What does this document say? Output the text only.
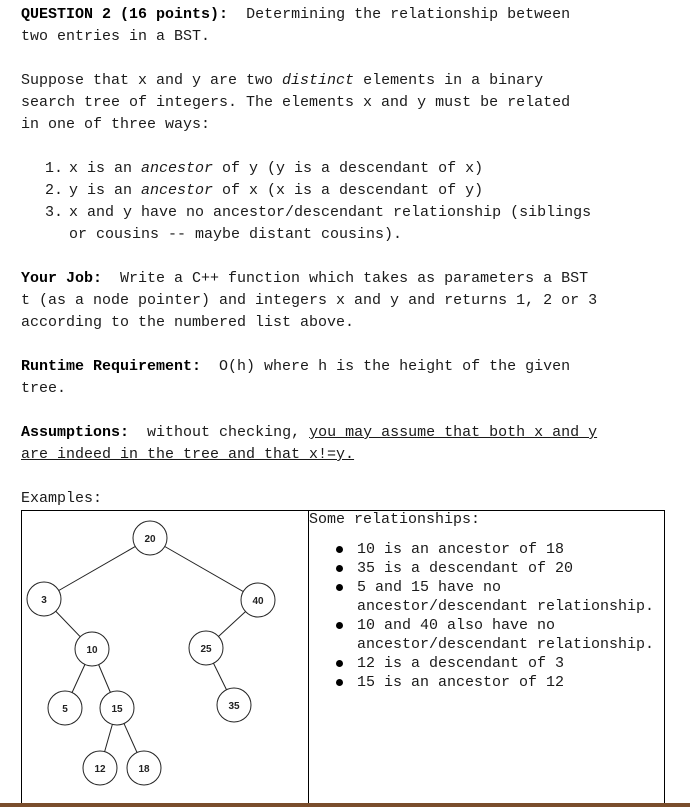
QUESTION 2 (16 points): Determining the relationship between
two entries in a BST.
Suppose that x and y are two distinct elements in a binary
search tree of integers. The elements x and y must be related
in one of three ways:
1. x is an ancestor of y (y is a descendant of x)
2. y is an ancestor of x (x is a descendant of y)
3. x and y have no ancestor/descendant relationship (siblings
or cousins -- maybe distant cousins).
Your Job: Write a C++ function which takes as parameters a BST
t (as a node pointer) and integers x and y and returns 1, 2 or 3
according to the numbered list above.
Runtime Requirement: O(h) where h is the height of the given
tree.
Assumptions: without checking, you may assume that both x and y
are indeed in the tree and that x!=y.
Examples:
20
3	40
10	25
5	15	35
12	18

Some relationships:
10 is an ancestor of 18
35 is a descendant of 20
5 and 15 have no ancestor/descendant relationship.
10 and 40 also have no ancestor/descendant relationship.
12 is a descendant of 3
15 is an ancestor of 12
